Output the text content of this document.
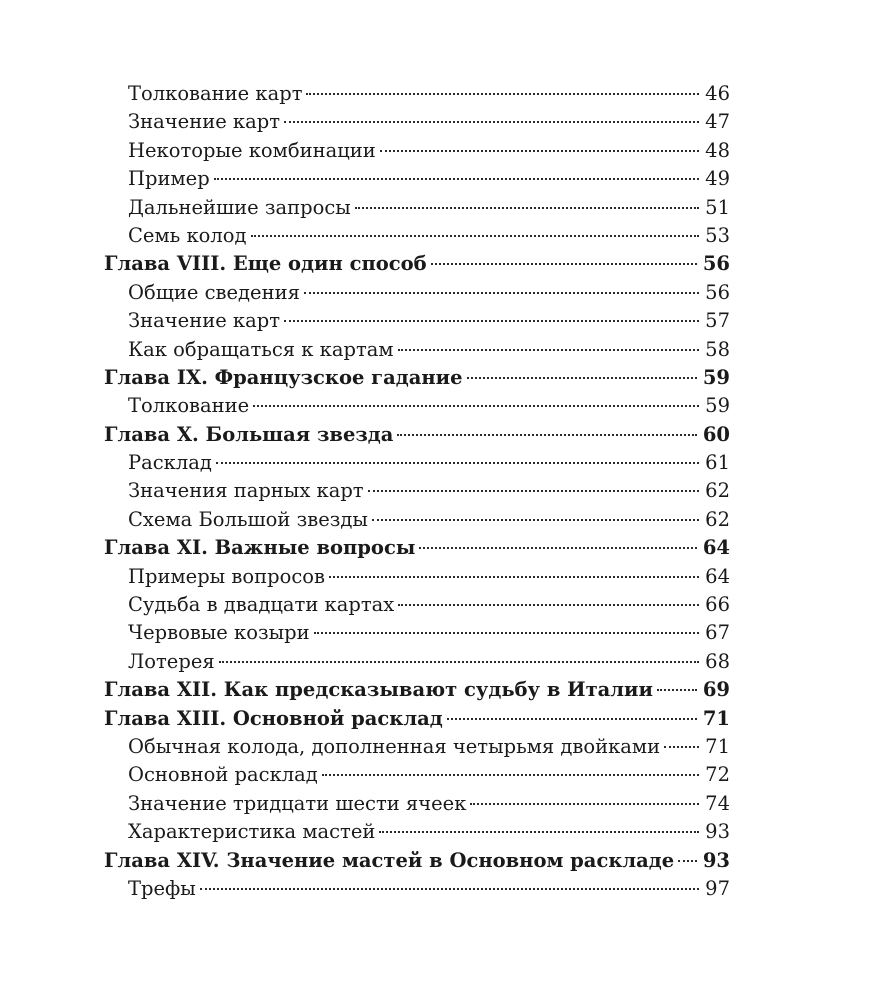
Толкование карт	46
Значение карт	47
Некоторые комбинации	48
Пример	49
Дальнейшие запросы	51
Семь колод	53
Глава VIII. Еще один способ	56
Общие сведения	56
Значение карт	57
Как обращаться к картам	58
Глава IX. Французское гадание	59
Толкование	59
Глава X. Большая звезда	60
Расклад	61
Значения парных карт	62
Схема Большой звезды	62
Глава XI. Важные вопросы	64
Примеры вопросов	64
Судьба в двадцати картах	66
Червовые козыри	67
Лотерея	68
Глава XII. Как предсказывают судьбу в Италии	69
Глава XIII. Основной расклад	71
Обычная колода, дополненная четырьмя двойками 71
Основной расклад	72
Значение тридцати шести ячеек	74
Характеристика мастей	93
Глава XIV. Значение мастей в Основном раскладе 93
Трефы	97
